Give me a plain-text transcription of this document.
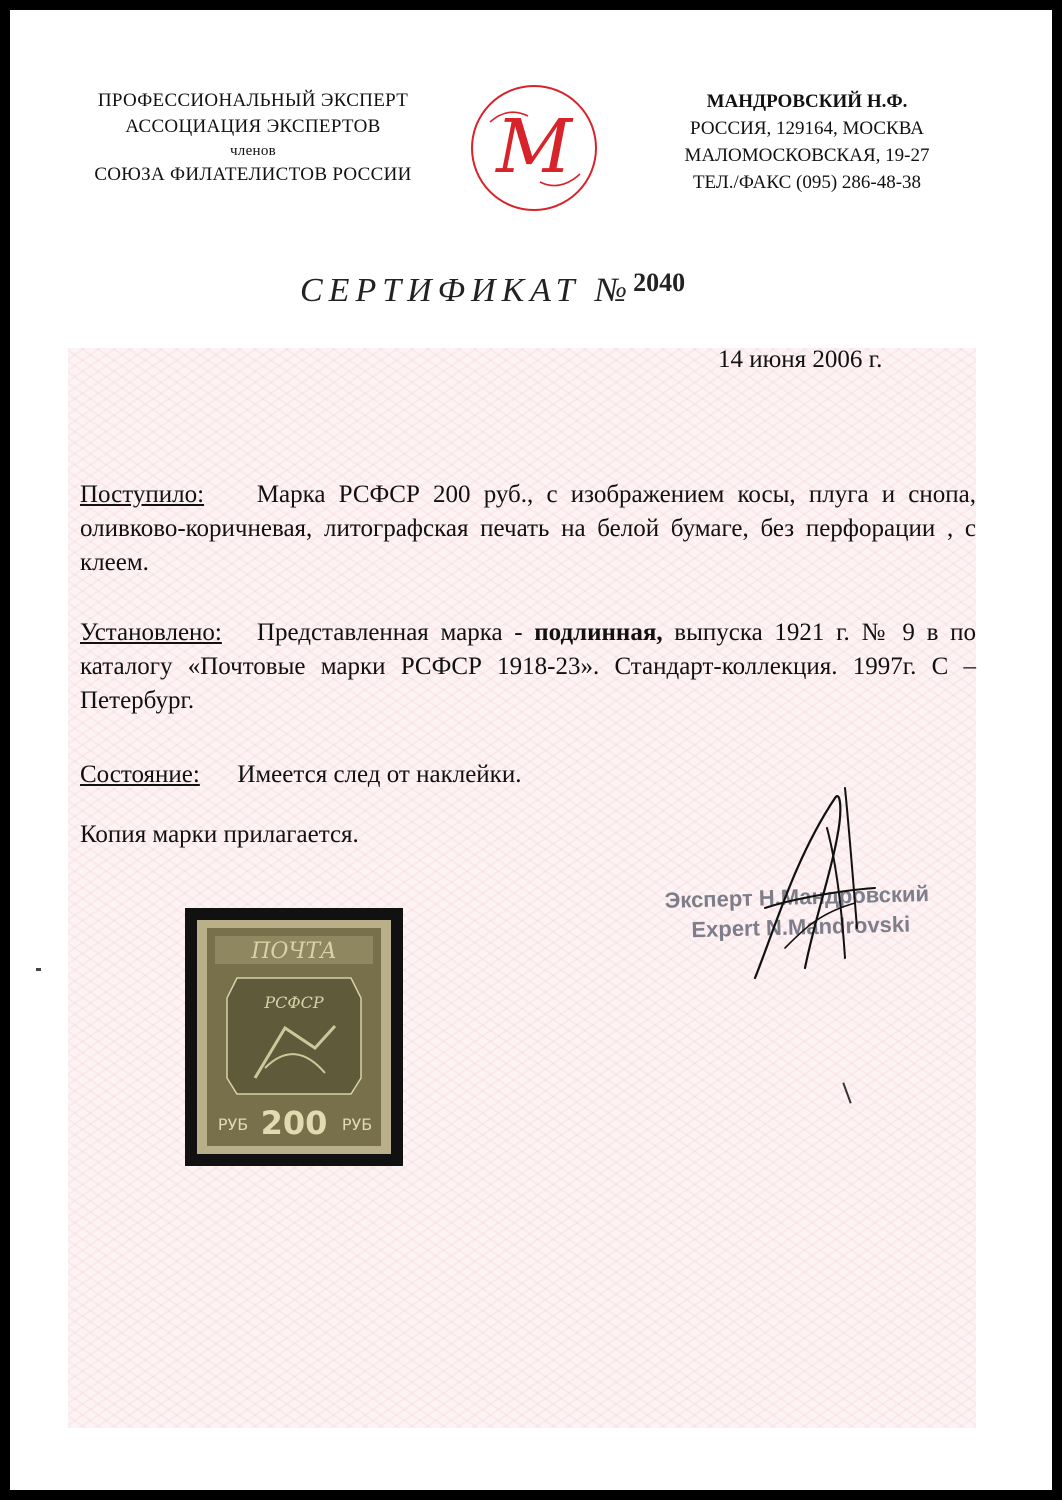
ПРОФЕССИОНАЛЬНЫЙ ЭКСПЕРТ
АССОЦИАЦИЯ ЭКСПЕРТОВ
членов
СОЮЗА ФИЛАТЕЛИСТОВ РОССИИ	M
МАНДРОВСКИЙ Н.Ф.
РОССИЯ, 129164, МОСКВА
МАЛОМОСКОВСКАЯ, 19-27
ТЕЛ./ФАКС (095) 286-48-38
СЕРТИФИКАТ №$^{2040}$
14 июня 2006 г.
Поступило: Марка РСФСР 200 руб., с изображением косы, плуга и снопа, оливково-коричневая, литографская печать на белой бумаге, без перфорации , с клеем.
Установлено: Представленная марка - подлинная, выпуска 1921 г. № 9 в по каталогу «Почтовые марки РСФСР 1918-23». Стандарт-коллекция. 1997г. С – Петербург.
Состояние: Имеется след от наклейки.
Копия марки прилагается.
Эксперт Н.Мандровский
Expert N.Mandrovski
ПОЧТА
РСФСР
РУБ 200 РУБ
